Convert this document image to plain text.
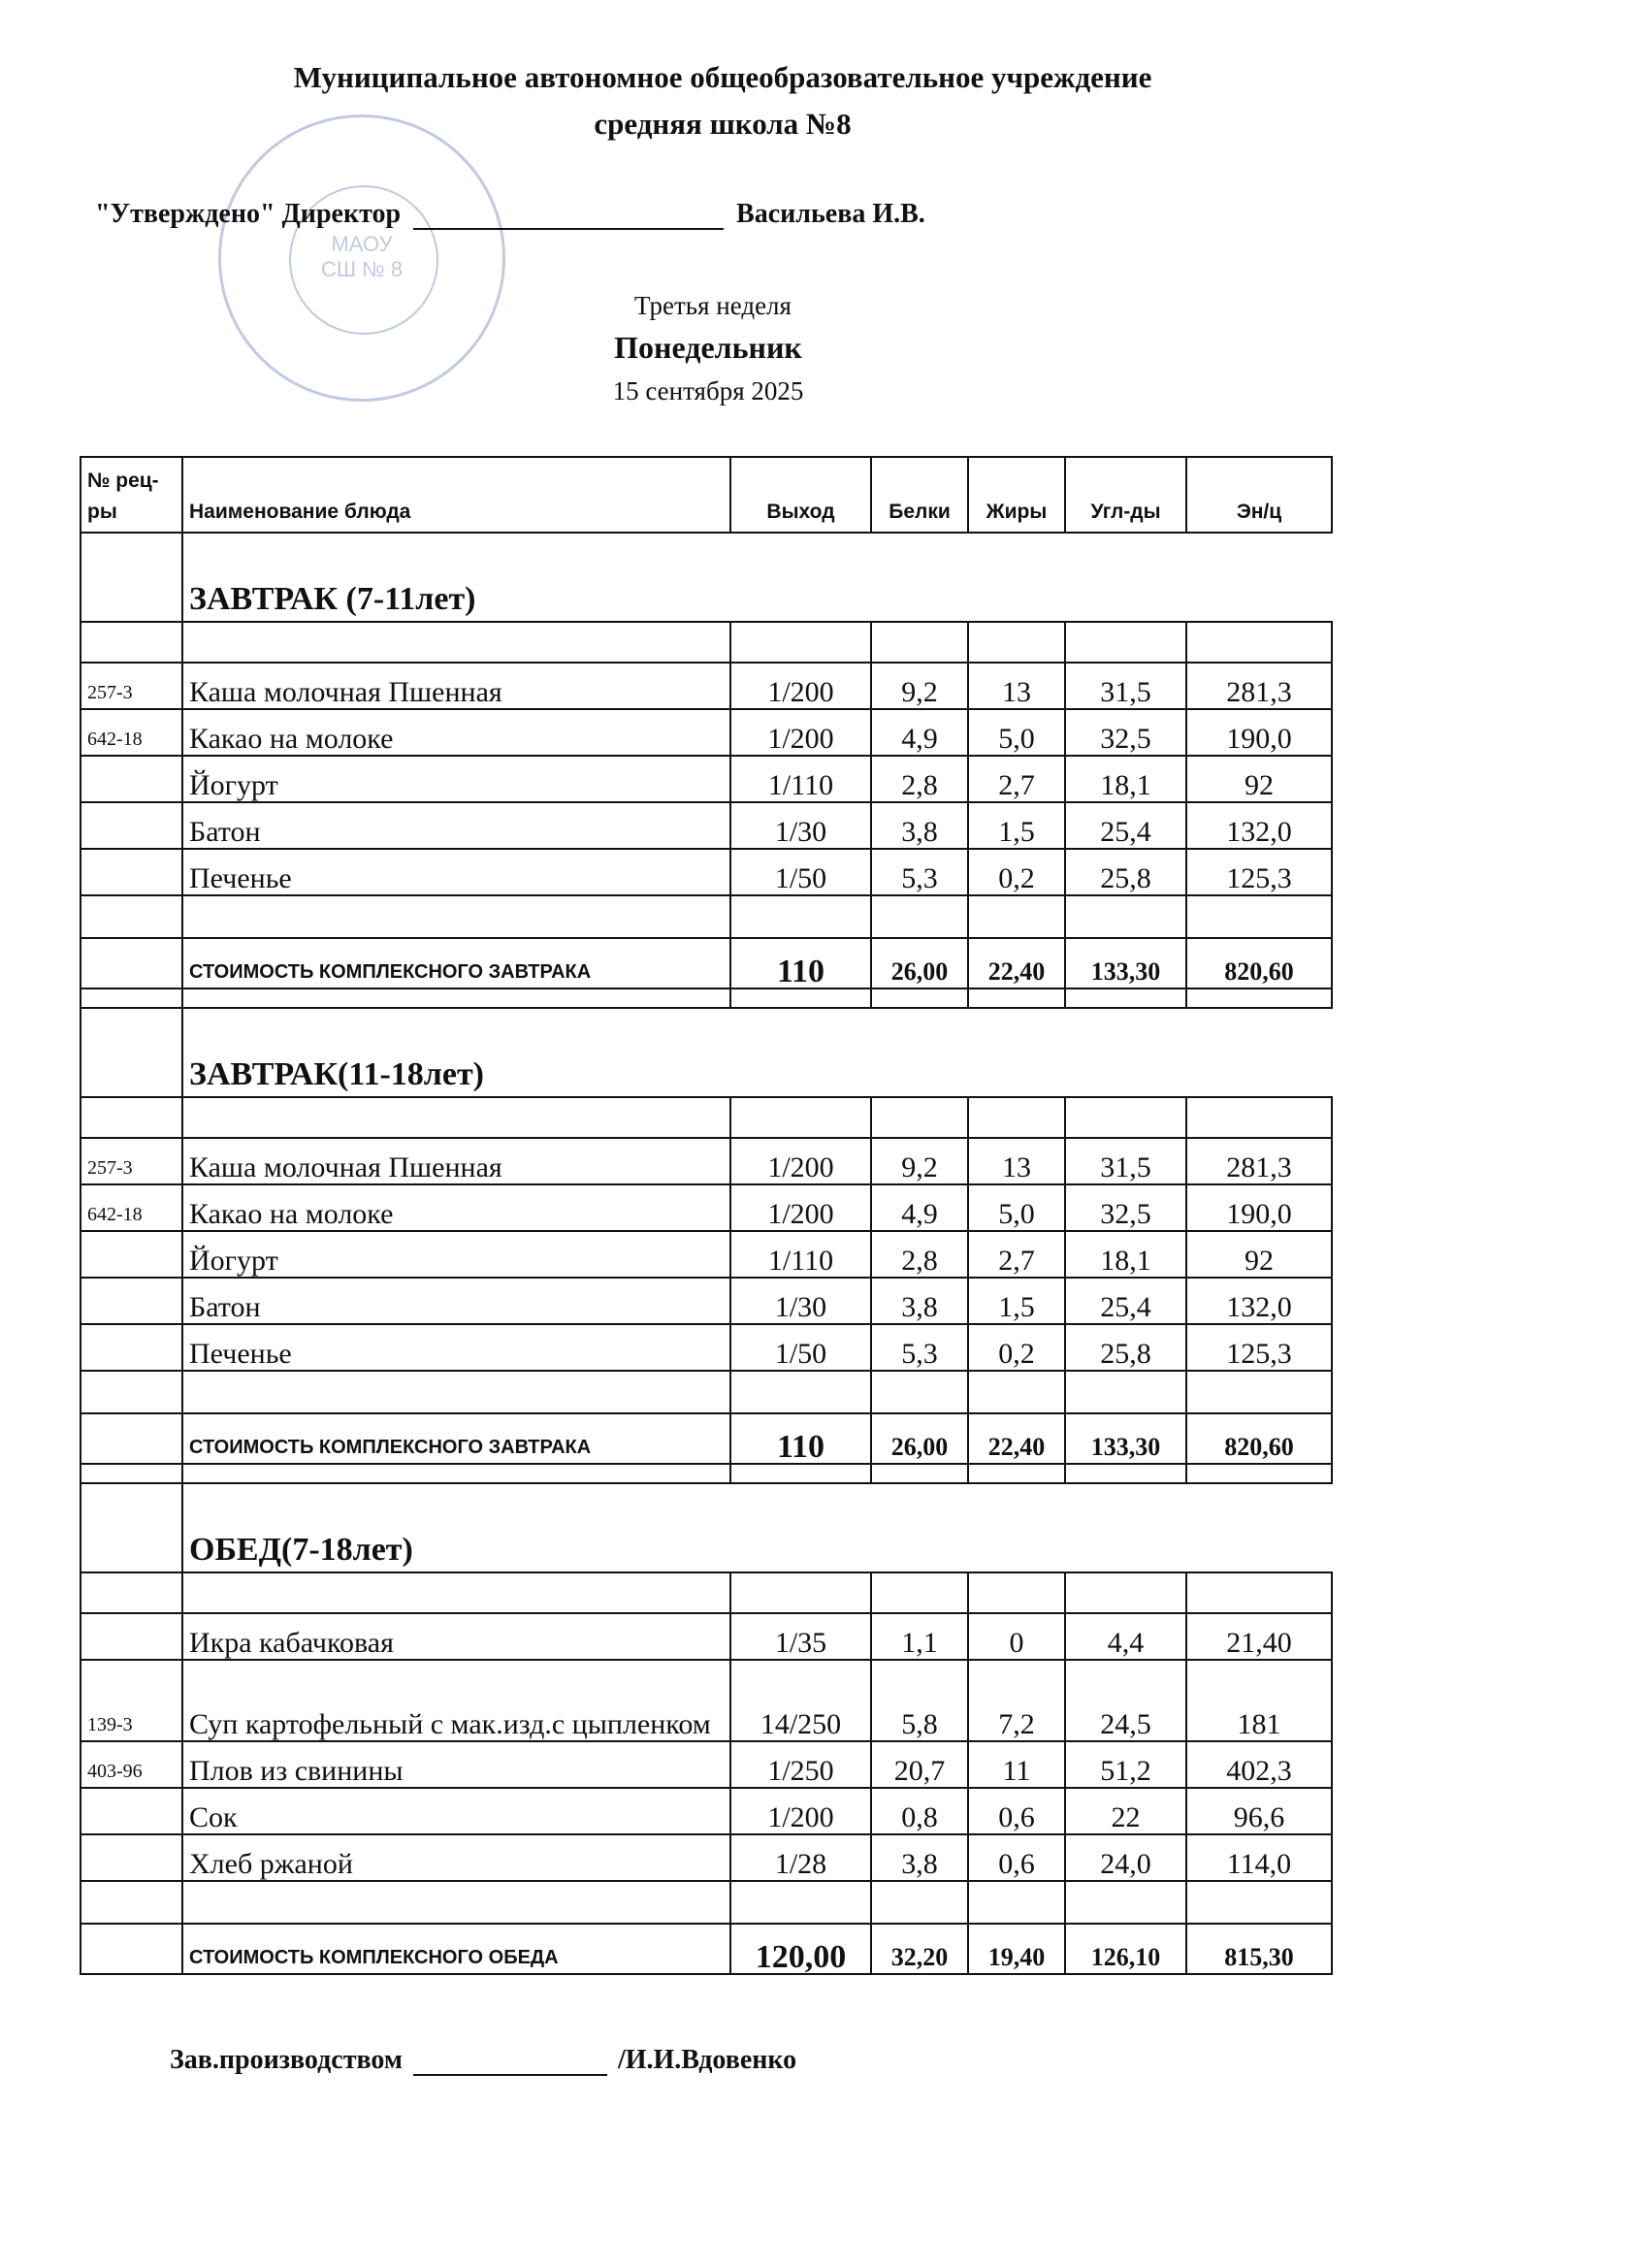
Муниципальное автономное общеобразовательное учреждение
средняя школа №8
МАОУ
СШ № 8
"Утверждено" Директор	Васильева И.В.
Третья неделя
Понедельник
15 сентября 2025
№ рец-ры	Наименование блюда	Выход	Белки	Жиры	Угл-ды	Эн/ц
	ЗАВТРАК (7-11лет)					

257-3	Каша молочная Пшенная	1/200	9,2	13	31,5	281,3
642-18	Какао на молоке	1/200	4,9	5,0	32,5	190,0
	Йогурт	1/110	2,8	2,7	18,1	92
	Батон	1/30	3,8	1,5	25,4	132,0
	Печенье	1/50	5,3	0,2	25,8	125,3

	СТОИМОСТЬ КОМПЛЕКСНОГО ЗАВТРАКА	110	26,00	22,40	133,30	820,60

	ЗАВТРАК(11-18лет)					

257-3	Каша молочная Пшенная	1/200	9,2	13	31,5	281,3
642-18	Какао на молоке	1/200	4,9	5,0	32,5	190,0
	Йогурт	1/110	2,8	2,7	18,1	92
	Батон	1/30	3,8	1,5	25,4	132,0
	Печенье	1/50	5,3	0,2	25,8	125,3

	СТОИМОСТЬ КОМПЛЕКСНОГО ЗАВТРАКА	110	26,00	22,40	133,30	820,60

	ОБЕД(7-18лет)					

	Икра кабачковая	1/35	1,1	0	4,4	21,40
139-3	Суп картофельный с мак.изд.с цыпленком	14/250	5,8	7,2	24,5	181
403-96	Плов из свинины	1/250	20,7	11	51,2	402,3
	Сок	1/200	0,8	0,6	22	96,6
	Хлеб ржаной	1/28	3,8	0,6	24,0	114,0

	СТОИМОСТЬ КОМПЛЕКСНОГО ОБЕДА	120,00	32,20	19,40	126,10	815,30
Зав.производством	/И.И.Вдовенко
